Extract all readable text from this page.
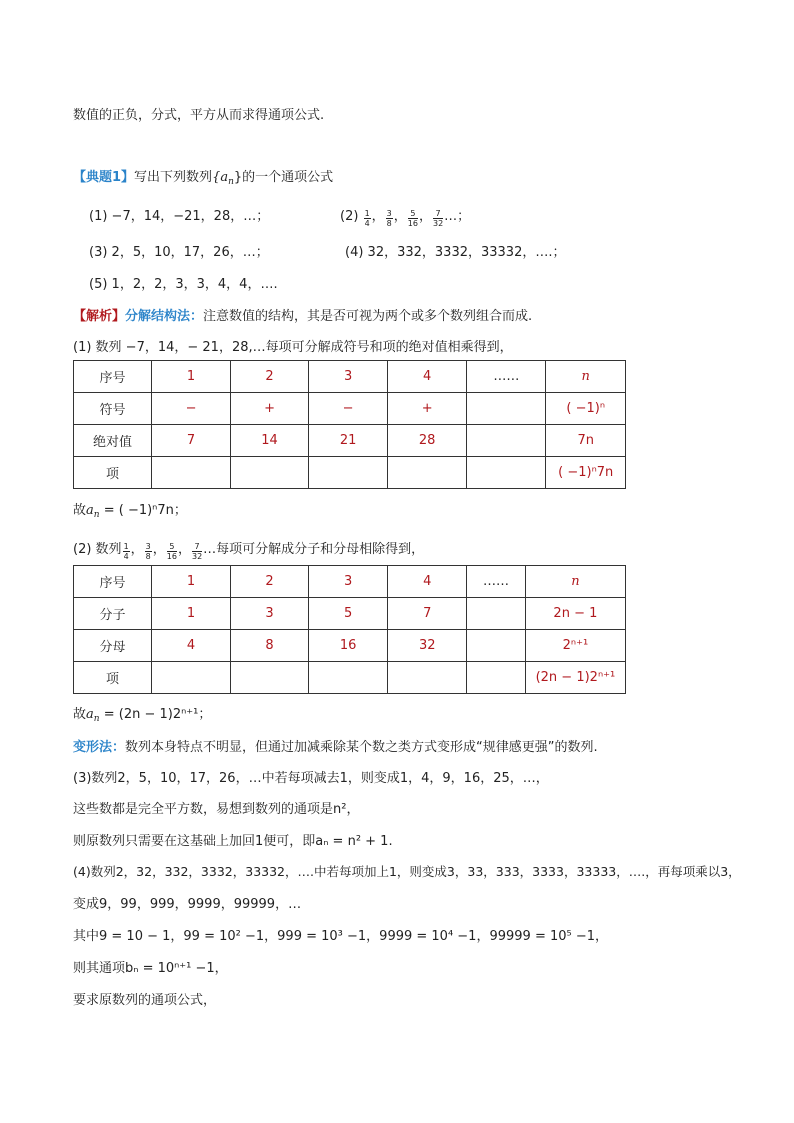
数值的正负，分式，平方从而求得通项公式.
【典题1】写出下列数列$\{a_n\}$的一个通项公式
(1) −7，14，−21，28，…；	$(2) \frac{1}{4}$ ， $\frac{3}{8}$ ， $\frac{5}{16}$ ， $\frac{7}{32}$ …；
(3) 2，5，10，17，26，…；	(4) 32，332，3332，33332，….；
(5) 1，2，2，3，3，4，4，….
【解析】分解结构法：注意数值的结构，其是否可视为两个或多个数列组合而成.
(1) 数列 −7，14，− 21，28,…每项可分解成符号和项的绝对值相乘得到，
序号	1	2	3	4	……	n
符号	−	+	−	+		( −1)ⁿ
绝对值	7	14	21	28		7n
项						( −1)ⁿ7n
故$a_n$ = ( −1)ⁿ7n；
(2) 数列 $\frac{1}{4}$ ， $\frac{3}{8}$ ， $\frac{5}{16}$ ， $\frac{7}{32}$ …每项可分解成分子和分母相除得到，
序号	1	2	3	4	……	n
分子	1	3	5	7		2n − 1
分母	4	8	16	32		2ⁿ⁺¹
项						(2n − 1)2ⁿ⁺¹
故$a_n = (2n - 1)2^{n+1}$；
变形法：数列本身特点不明显，但通过加减乘除某个数之类方式变形成“规律感更强”的数列.
(3)数列2，5，10，17，26，…中若每项减去1，则变成1，4，9，16，25，…，
这些数都是完全平方数，易想到数列的通项是n²，
则原数列只需要在这基础上加回1便可，即aₙ = n² + 1.
(4)数列2，32，332，3332，33332，….中若每项加上1，则变成3，33，333，3333，33333，….，再每项乘以3，
变成9，99，999，9999，99999，…
其中9 = 10 − 1，99 = 10² −1，999 = 10³ −1，9999 = 10⁴ −1，99999 = 10⁵ −1，
则其通项bₙ = 10ⁿ⁺¹ −1，
要求原数列的通项公式，
